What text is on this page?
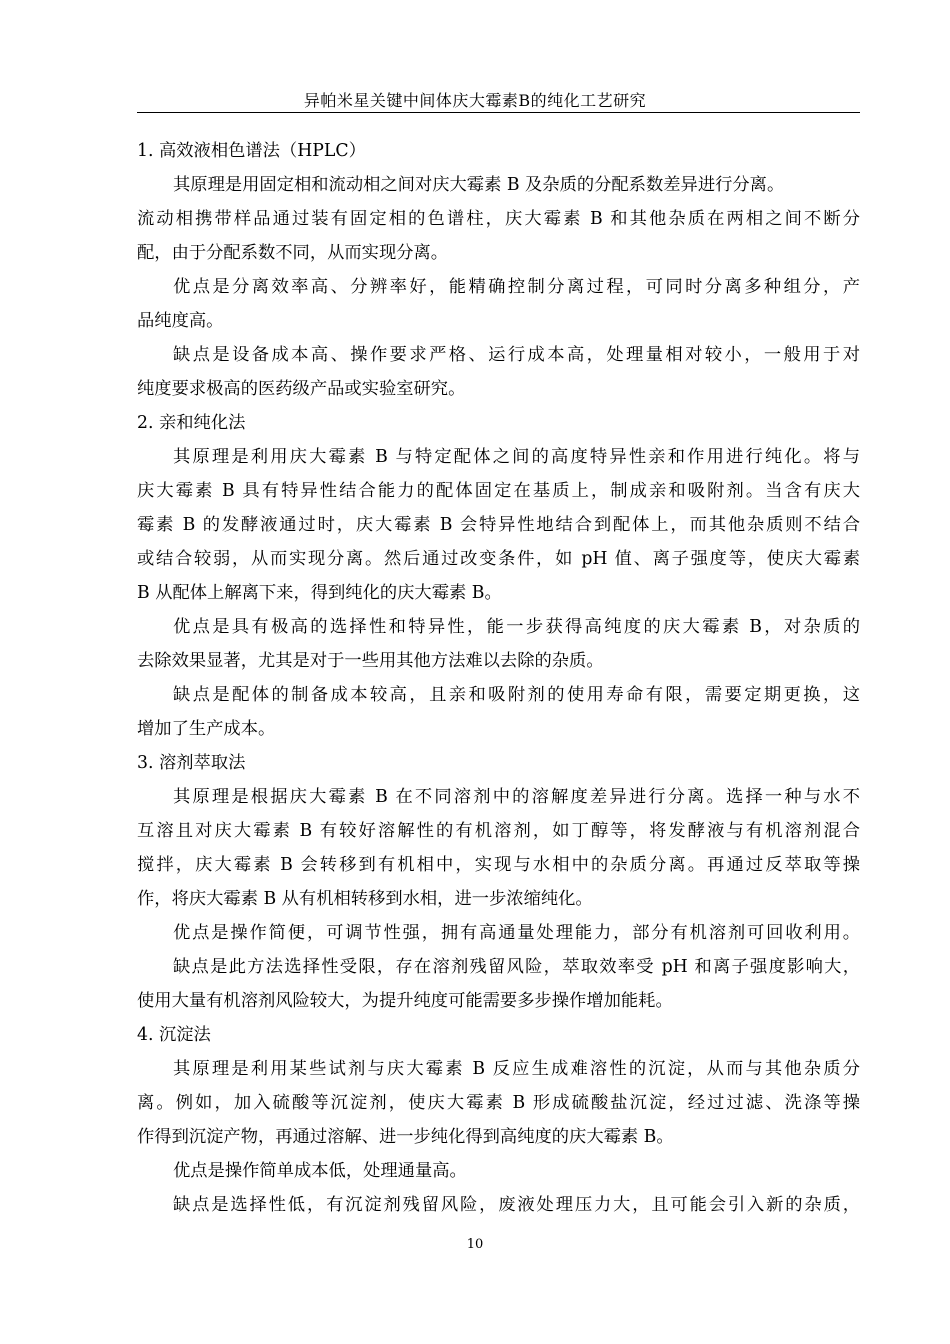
异帕米星关键中间体庆大霉素B的纯化工艺研究
1. 高效液相色谱法（HPLC）
其原理是用固定相和流动相之间对庆大霉素 B 及杂质的分配系数差异进行分离。
流动相携带样品通过装有固定相的色谱柱，庆大霉素 B 和其他杂质在两相之间不断分
配，由于分配系数不同，从而实现分离。
优点是分离效率高、分辨率好，能精确控制分离过程，可同时分离多种组分，产
品纯度高。
缺点是设备成本高、操作要求严格、运行成本高，处理量相对较小，一般用于对
纯度要求极高的医药级产品或实验室研究。
2. 亲和纯化法
其原理是利用庆大霉素 B 与特定配体之间的高度特异性亲和作用进行纯化。将与
庆大霉素 B 具有特异性结合能力的配体固定在基质上，制成亲和吸附剂。当含有庆大
霉素 B 的发酵液通过时，庆大霉素 B 会特异性地结合到配体上，而其他杂质则不结合
或结合较弱，从而实现分离。然后通过改变条件，如 pH 值、离子强度等，使庆大霉素
B 从配体上解离下来，得到纯化的庆大霉素 B。
优点是具有极高的选择性和特异性，能一步获得高纯度的庆大霉素 B，对杂质的
去除效果显著，尤其是对于一些用其他方法难以去除的杂质。
缺点是配体的制备成本较高，且亲和吸附剂的使用寿命有限，需要定期更换，这
增加了生产成本。
3. 溶剂萃取法
其原理是根据庆大霉素 B 在不同溶剂中的溶解度差异进行分离。选择一种与水不
互溶且对庆大霉素 B 有较好溶解性的有机溶剂，如丁醇等，将发酵液与有机溶剂混合
搅拌，庆大霉素 B 会转移到有机相中，实现与水相中的杂质分离。再通过反萃取等操
作，将庆大霉素 B 从有机相转移到水相，进一步浓缩纯化。
优点是操作简便，可调节性强，拥有高通量处理能力，部分有机溶剂可回收利用。
缺点是此方法选择性受限，存在溶剂残留风险，萃取效率受 pH 和离子强度影响大，
使用大量有机溶剂风险较大，为提升纯度可能需要多步操作增加能耗。
4. 沉淀法
其原理是利用某些试剂与庆大霉素 B 反应生成难溶性的沉淀，从而与其他杂质分
离。例如，加入硫酸等沉淀剂，使庆大霉素 B 形成硫酸盐沉淀，经过过滤、洗涤等操
作得到沉淀产物，再通过溶解、进一步纯化得到高纯度的庆大霉素 B。
优点是操作简单成本低，处理通量高。
缺点是选择性低，有沉淀剂残留风险，废液处理压力大，且可能会引入新的杂质，
10
